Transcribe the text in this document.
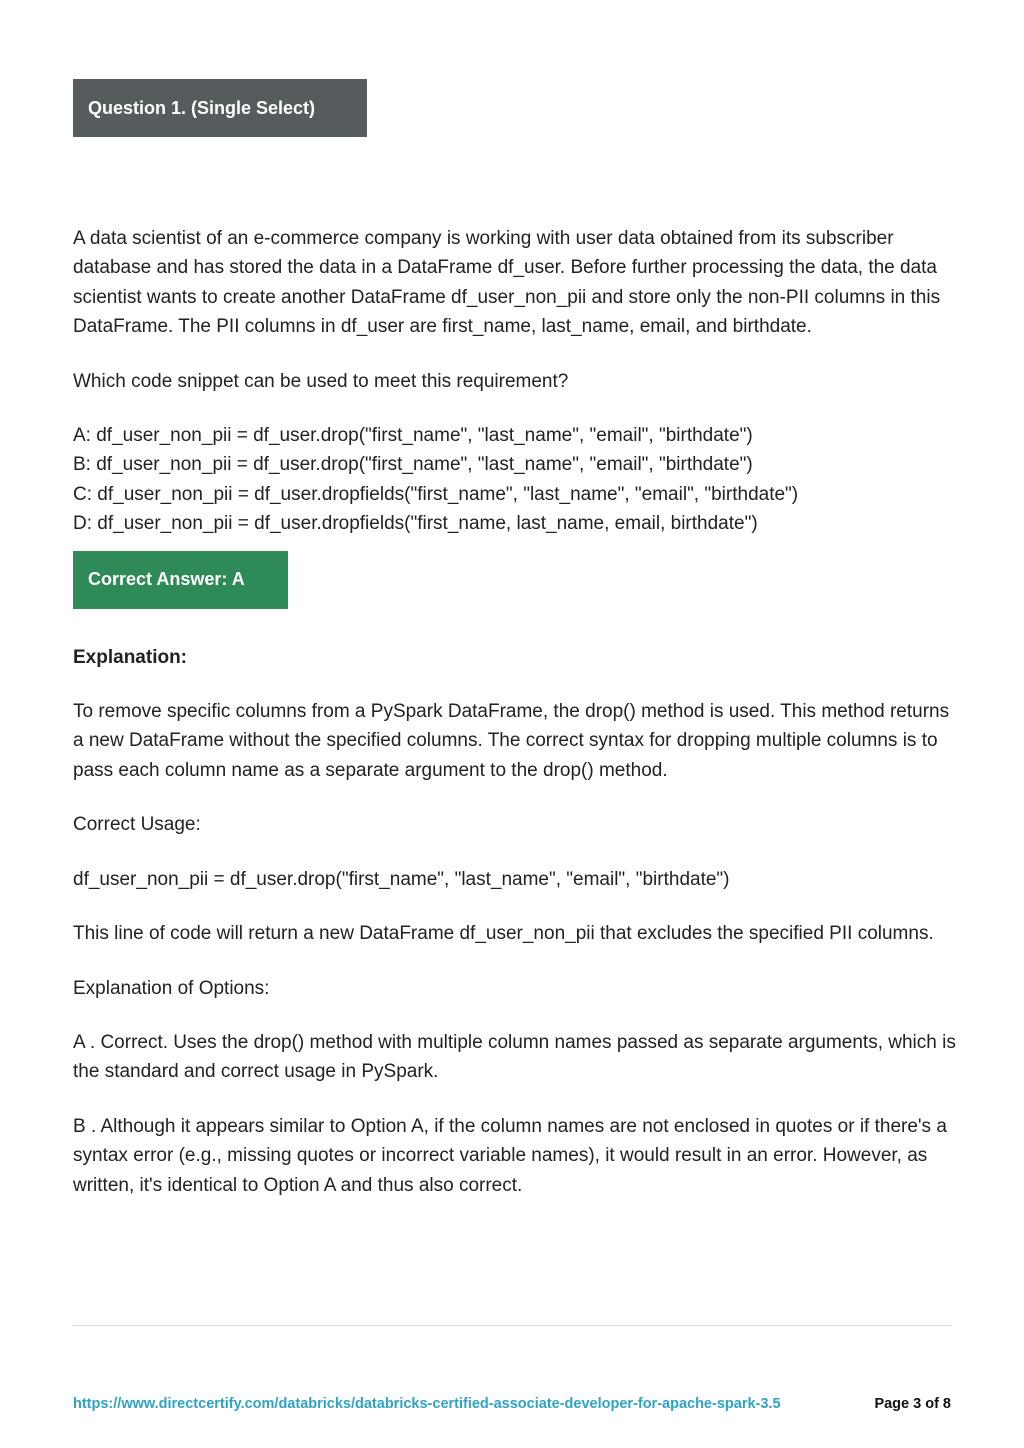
Question 1. (Single Select)

A data scientist of an e-commerce company is working with user data obtained from its subscriber database and has stored the data in a DataFrame df_user. Before further processing the data, the data scientist wants to create another DataFrame df_user_non_pii and store only the non-PII columns in this DataFrame. The PII columns in df_user are first_name, last_name, email, and birthdate.

Which code snippet can be used to meet this requirement?

A: df_user_non_pii = df_user.drop("first_name", "last_name", "email", "birthdate")

B: df_user_non_pii = df_user.drop("first_name", "last_name", "email", "birthdate")

C: df_user_non_pii = df_user.dropfields("first_name", "last_name", "email", "birthdate")

D: df_user_non_pii = df_user.dropfields("first_name, last_name, email, birthdate")

Correct Answer: A

Explanation:

To remove specific columns from a PySpark DataFrame, the drop() method is used. This method returns a new DataFrame without the specified columns. The correct syntax for dropping multiple columns is to pass each column name as a separate argument to the drop() method.

Correct Usage:

df_user_non_pii = df_user.drop("first_name", "last_name", "email", "birthdate")

This line of code will return a new DataFrame df_user_non_pii that excludes the specified PII columns.

Explanation of Options:

A . Correct. Uses the drop() method with multiple column names passed as separate arguments, which is the standard and correct usage in PySpark.

B . Although it appears similar to Option A, if the column names are not enclosed in quotes or if there's a syntax error (e.g., missing quotes or incorrect variable names), it would result in an error. However, as written, it's identical to Option A and thus also correct.

https://www.directcertify.com/databricks/databricks-certified-associate-developer-for-apache-spark-3.5	Page 3 of 8
